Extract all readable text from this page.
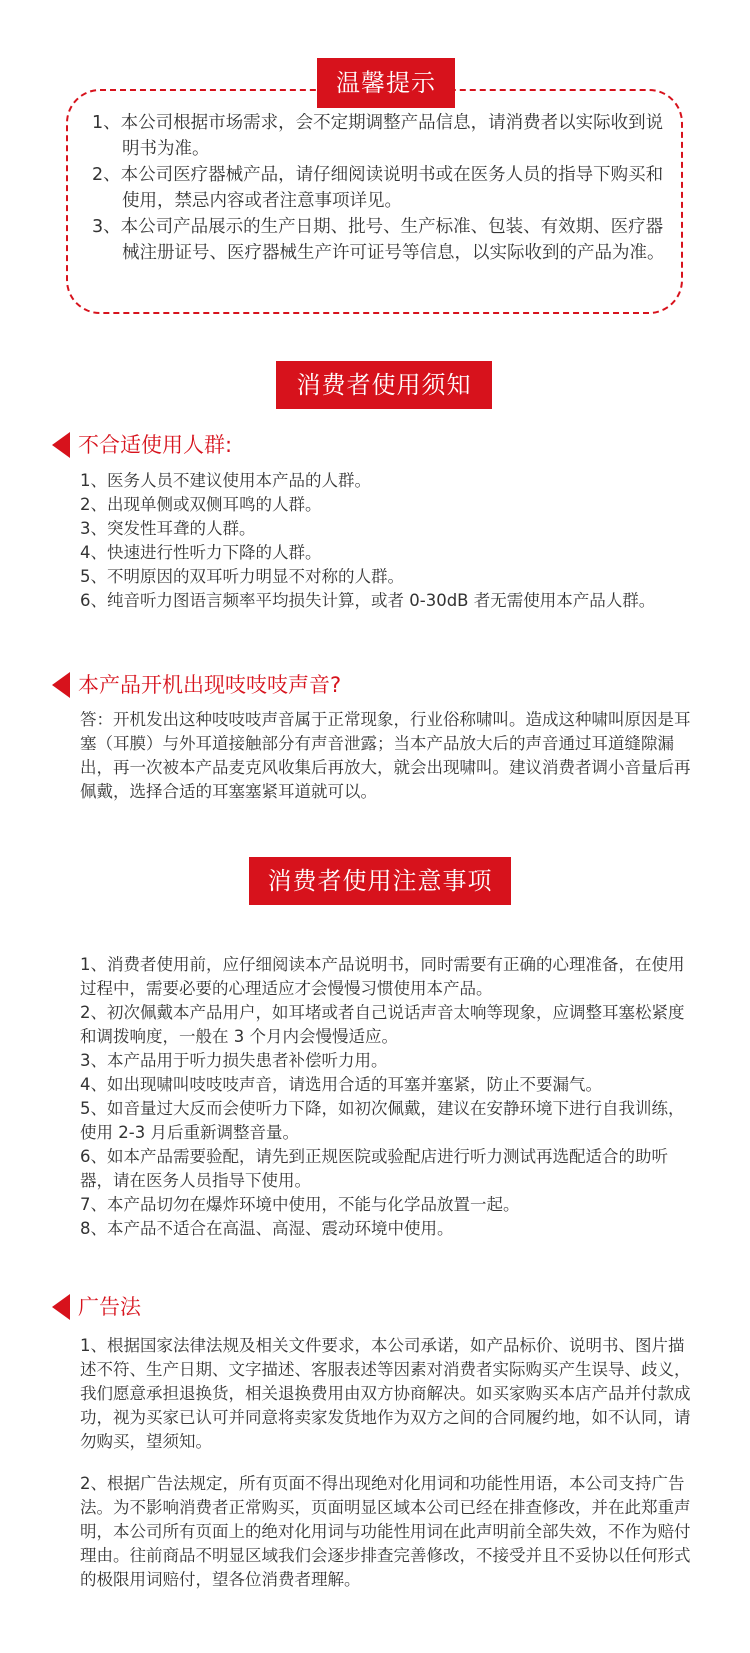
温馨提示
1、本公司根据市场需求，会不定期调整产品信息，请消费者以实际收到说明书为准。
2、本公司医疗器械产品，请仔细阅读说明书或在医务人员的指导下购买和使用，禁忌内容或者注意事项详见。
3、本公司产品展示的生产日期、批号、生产标准、包装、有效期、医疗器械注册证号、医疗器械生产许可证号等信息，以实际收到的产品为准。
消费者使用须知
不合适使用人群:
1、医务人员不建议使用本产品的人群。
2、出现单侧或双侧耳鸣的人群。
3、突发性耳聋的人群。
4、快速进行性听力下降的人群。
5、不明原因的双耳听力明显不对称的人群。
6、纯音听力图语言频率平均损失计算，或者 0-30dB 者无需使用本产品人群。
本产品开机出现吱吱吱声音?

答：开机发出这种吱吱吱声音属于正常现象，行业俗称啸叫。造成这种啸叫原因是耳塞（耳膜）与外耳道接触部分有声音泄露；当本产品放大后的声音通过耳道缝隙漏出，再一次被本产品麦克风收集后再放大，就会出现啸叫。建议消费者调小音量后再佩戴，选择合适的耳塞塞紧耳道就可以。

消费者使用注意事项
1、消费者使用前，应仔细阅读本产品说明书，同时需要有正确的心理准备，在使用过程中，需要必要的心理适应才会慢慢习惯使用本产品。
2、初次佩戴本产品用户，如耳堵或者自己说话声音太响等现象，应调整耳塞松紧度和调拨响度，一般在 3 个月内会慢慢适应。
3、本产品用于听力损失患者补偿听力用。
4、如出现啸叫吱吱吱声音，请选用合适的耳塞并塞紧，防止不要漏气。
5、如音量过大反而会使听力下降，如初次佩戴，建议在安静环境下进行自我训练，使用 2-3 月后重新调整音量。
6、如本产品需要验配，请先到正规医院或验配店进行听力测试再选配适合的助听器，请在医务人员指导下使用。
7、本产品切勿在爆炸环境中使用，不能与化学品放置一起。
8、本产品不适合在高温、高湿、震动环境中使用。
广告法

1、根据国家法律法规及相关文件要求，本公司承诺，如产品标价、说明书、图片描述不符、生产日期、文字描述、客服表述等因素对消费者实际购买产生误导、歧义，我们愿意承担退换货，相关退换费用由双方协商解决。如买家购买本店产品并付款成功，视为买家已认可并同意将卖家发货地作为双方之间的合同履约地，如不认同，请勿购买，望须知。

2、根据广告法规定，所有页面不得出现绝对化用词和功能性用语，本公司支持广告法。为不影响消费者正常购买，页面明显区域本公司已经在排查修改，并在此郑重声明，本公司所有页面上的绝对化用词与功能性用词在此声明前全部失效，不作为赔付理由。往前商品不明显区域我们会逐步排查完善修改，不接受并且不妥协以任何形式的极限用词赔付，望各位消费者理解。
